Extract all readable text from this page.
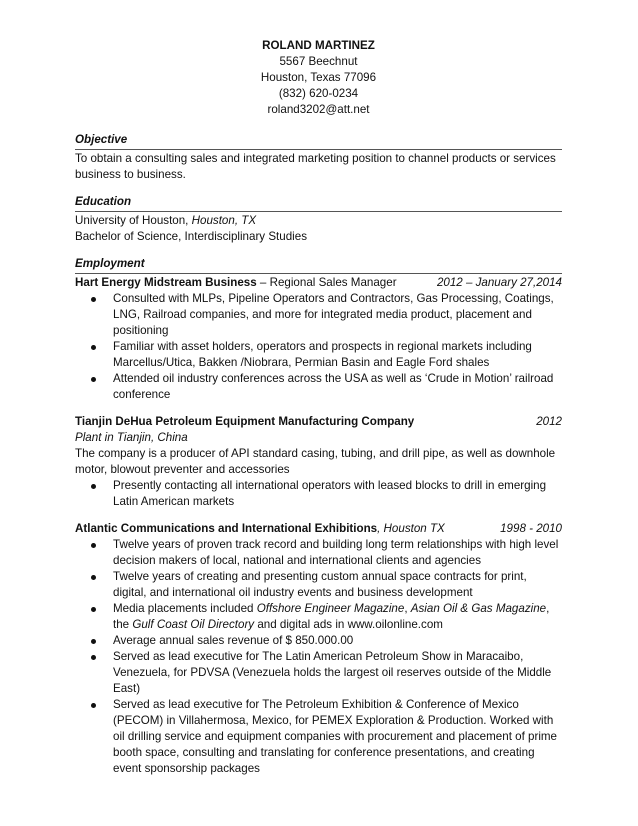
ROLAND MARTINEZ
5567 Beechnut
Houston, Texas 77096
(832) 620-0234
roland3202@att.net
Objective
To obtain a consulting sales and integrated marketing position to channel products or services business to business.
Education
University of Houston, Houston, TX
Bachelor of Science, Interdisciplinary Studies
Employment
Hart Energy Midstream Business – Regional Sales Manager	2012 – January 27,2014
Consulted with MLPs, Pipeline Operators and Contractors, Gas Processing, Coatings, LNG, Railroad companies, and more for integrated media product, placement and positioning
Familiar with asset holders, operators and prospects in regional markets including Marcellus/Utica, Bakken /Niobrara, Permian Basin and Eagle Ford shales
Attended oil industry conferences across the USA as well as ‘Crude in Motion’ railroad conference
Tianjin DeHua Petroleum Equipment Manufacturing Company	2012
Plant in Tianjin, China
The company is a producer of API standard casing, tubing, and drill pipe, as well as downhole motor, blowout preventer and accessories
Presently contacting all international operators with leased blocks to drill in emerging Latin American markets
Atlantic Communications and International Exhibitions, Houston TX	1998 - 2010
Twelve years of proven track record and building long term relationships with high level decision makers of local, national and international clients and agencies
Twelve years of creating and presenting custom annual space contracts for print, digital, and international oil industry events and business development
Media placements included Offshore Engineer Magazine, Asian Oil & Gas Magazine, the Gulf Coast Oil Directory and digital ads in www.oilonline.com
Average annual sales revenue of $ 850.000.00
Served as lead executive for The Latin American Petroleum Show in Maracaibo, Venezuela, for PDVSA (Venezuela holds the largest oil reserves outside of the Middle East)
Served as lead executive for The Petroleum Exhibition & Conference of Mexico (PECOM) in Villahermosa, Mexico, for PEMEX Exploration & Production. Worked with oil drilling service and equipment companies with procurement and placement of prime booth space, consulting and translating for conference presentations, and creating event sponsorship packages
